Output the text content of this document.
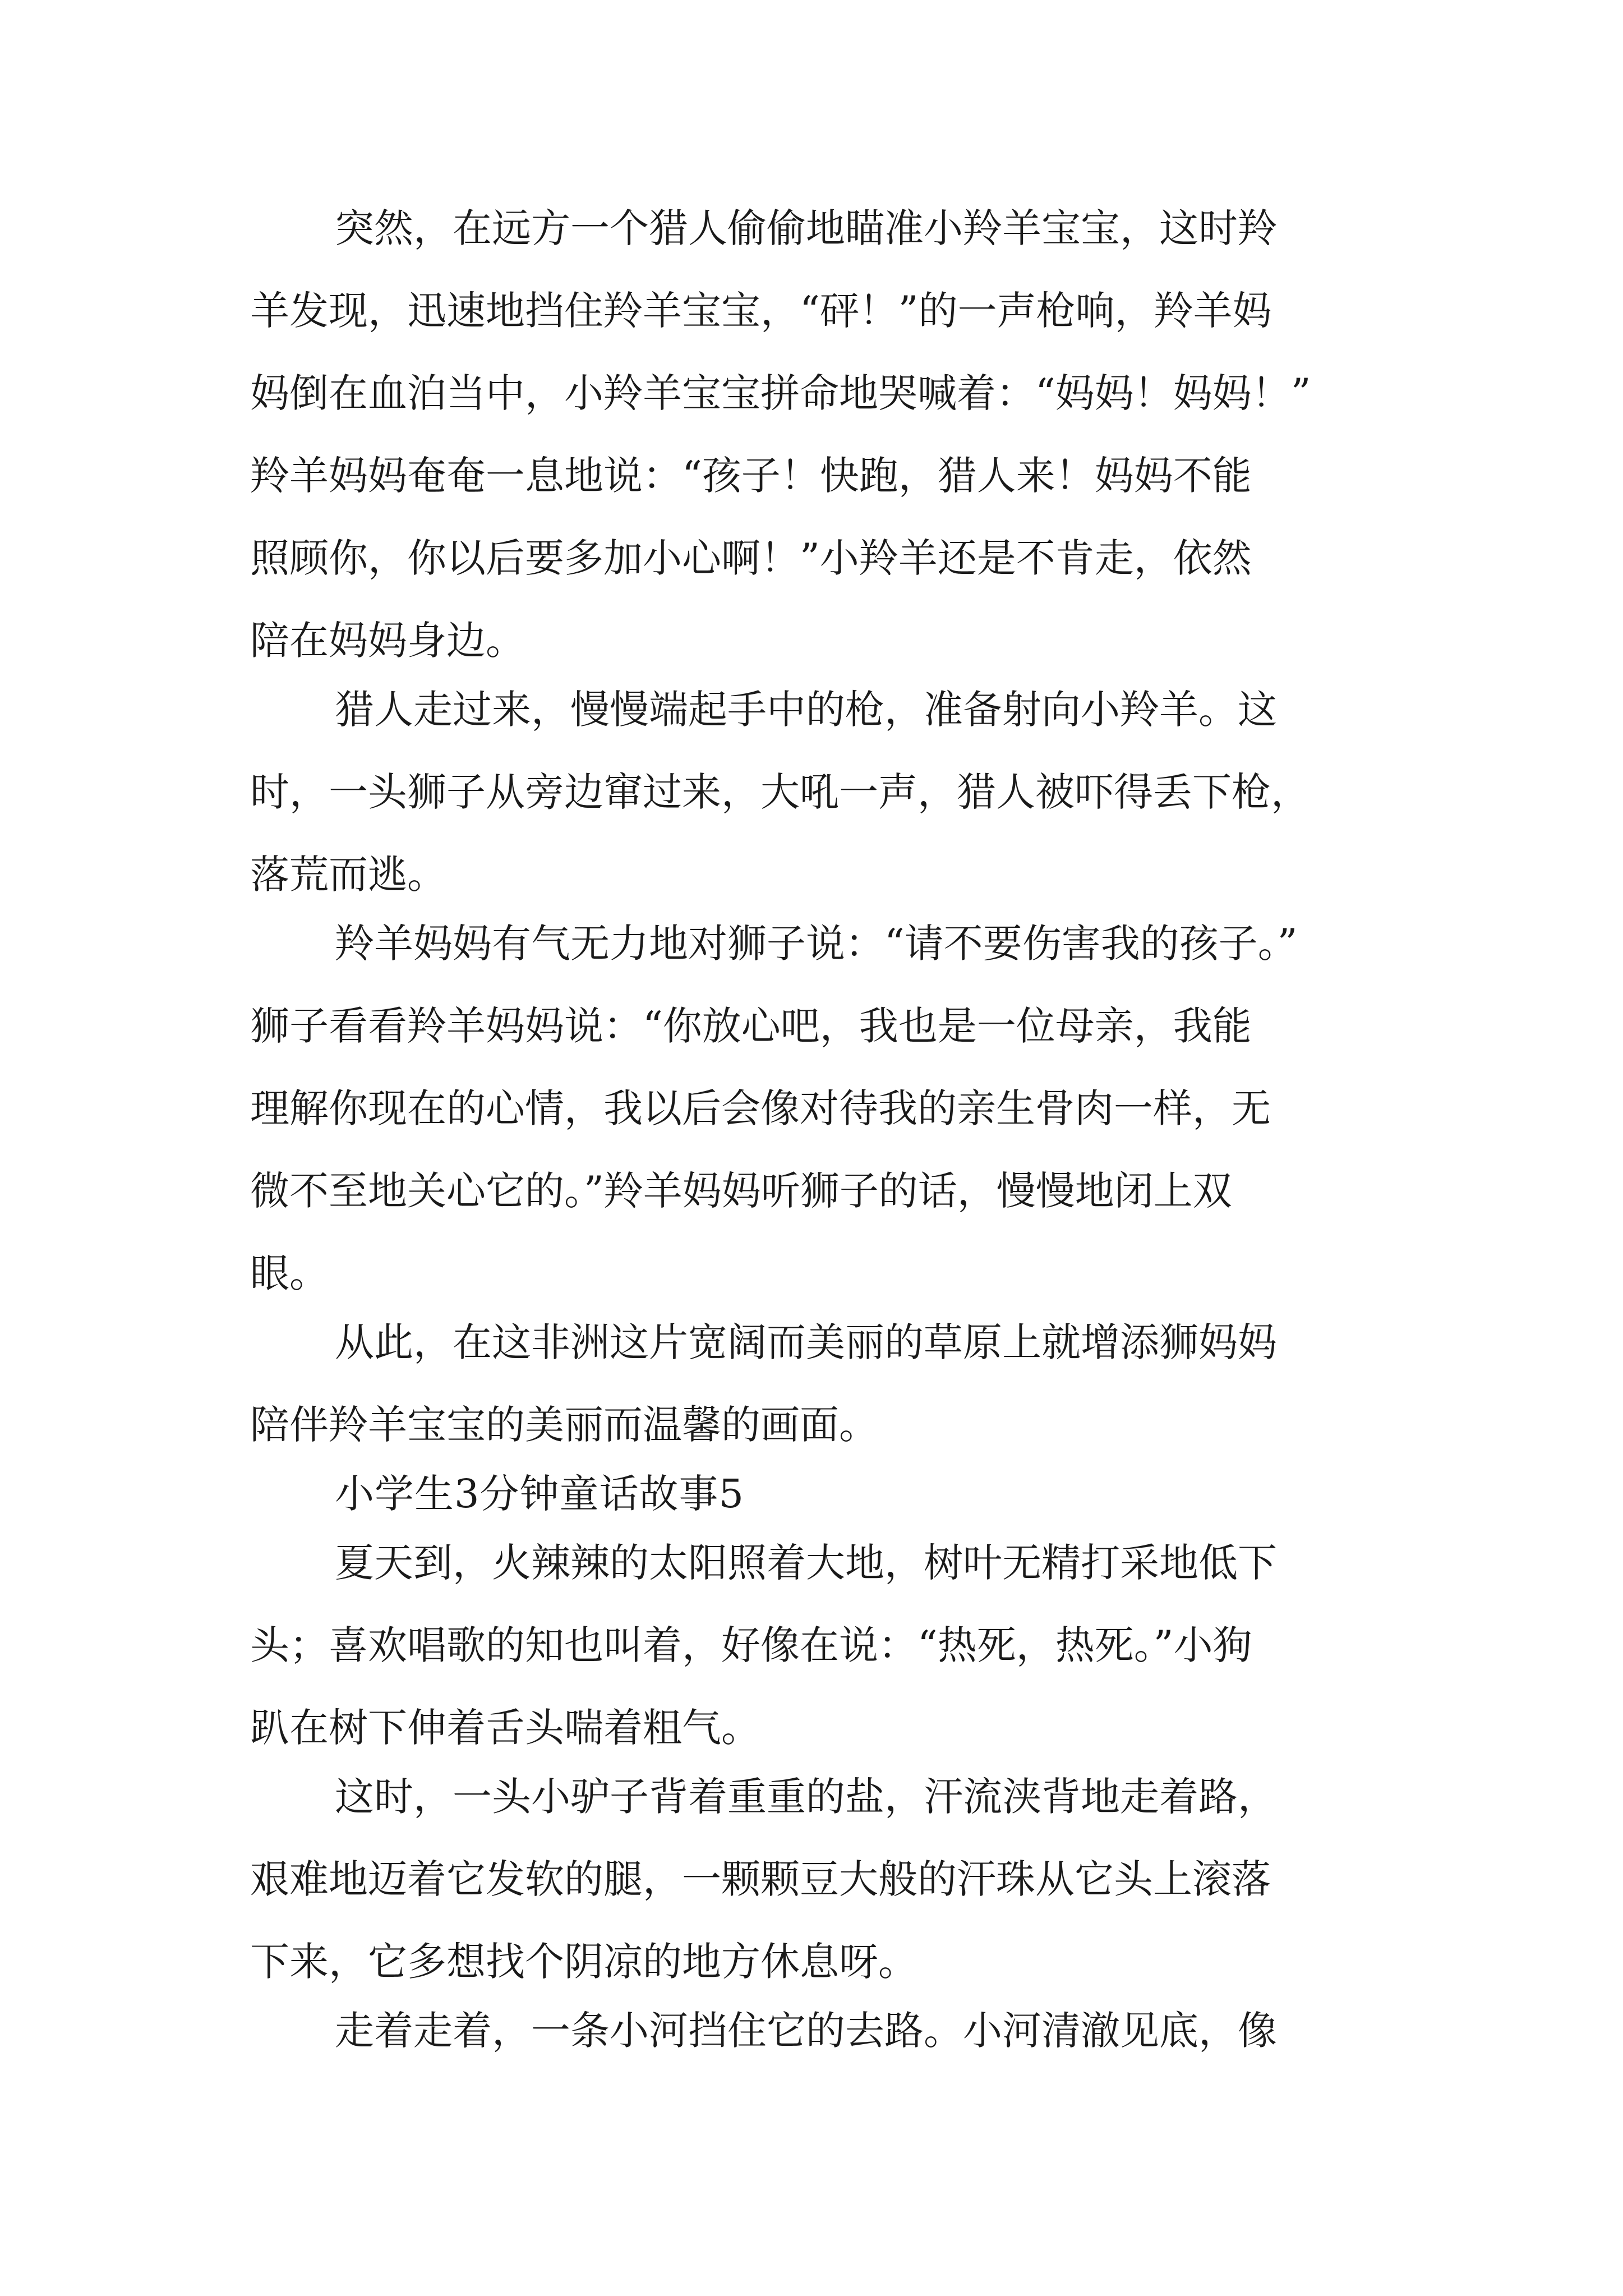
突然，在远方一个猎人偷偷地瞄准小羚羊宝宝，这时羚

羊发现，迅速地挡住羚羊宝宝，“砰！”的一声枪响，羚羊妈

妈倒在血泊当中，小羚羊宝宝拼命地哭喊着：“妈妈！妈妈！”

羚羊妈妈奄奄一息地说：“孩子！快跑，猎人来！妈妈不能

照顾你，你以后要多加小心啊！”小羚羊还是不肯走，依然

陪在妈妈身边。

猎人走过来，慢慢端起手中的枪，准备射向小羚羊。这

时，一头狮子从旁边窜过来，大吼一声，猎人被吓得丢下枪，

落荒而逃。

羚羊妈妈有气无力地对狮子说：“请不要伤害我的孩子。”

狮子看看羚羊妈妈说：“你放心吧，我也是一位母亲，我能

理解你现在的心情，我以后会像对待我的亲生骨肉一样，无

微不至地关心它的。”羚羊妈妈听狮子的话，慢慢地闭上双

眼。

从此，在这非洲这片宽阔而美丽的草原上就增添狮妈妈

陪伴羚羊宝宝的美丽而温馨的画面。

小学生3分钟童话故事5

夏天到，火辣辣的太阳照着大地，树叶无精打采地低下

头；喜欢唱歌的知也叫着，好像在说：“热死，热死。”小狗

趴在树下伸着舌头喘着粗气。

这时，一头小驴子背着重重的盐，汗流浃背地走着路，

艰难地迈着它发软的腿，一颗颗豆大般的汗珠从它头上滚落

下来，它多想找个阴凉的地方休息呀。

走着走着，一条小河挡住它的去路。小河清澈见底，像
